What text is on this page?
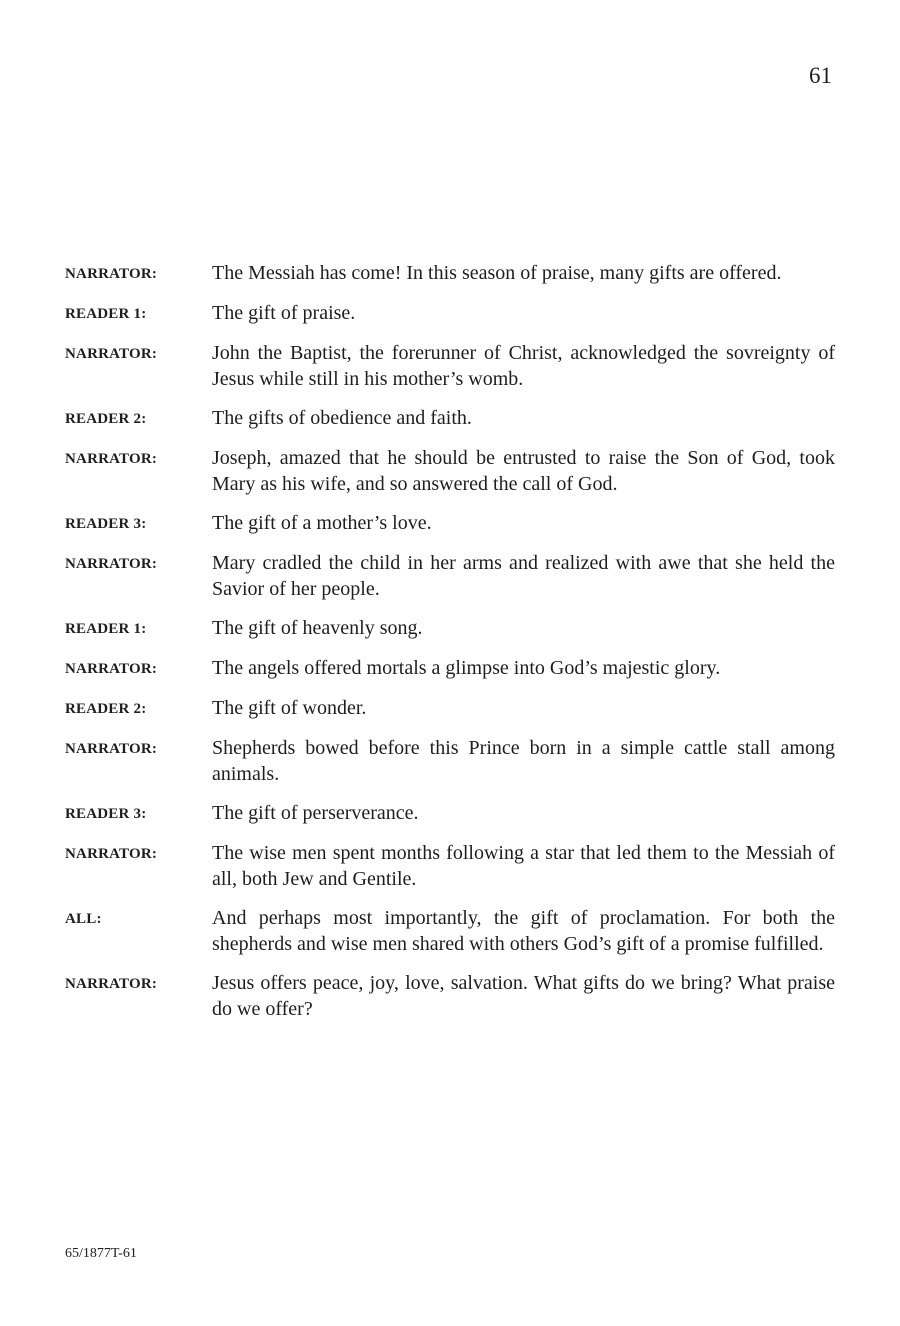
61
NARRATOR:	The Messiah has come! In this season of praise, many gifts are offered.
READER 1:	The gift of praise.
NARRATOR:	John the Baptist, the forerunner of Christ, acknowledged the sovreignty of Jesus while still in his mother’s womb.
READER 2:	The gifts of obedience and faith.
NARRATOR:	Joseph, amazed that he should be entrusted to raise the Son of God, took Mary as his wife, and so answered the call of God.
READER 3:	The gift of a mother’s love.
NARRATOR:	Mary cradled the child in her arms and realized with awe that she held the Savior of her people.
READER 1:	The gift of heavenly song.
NARRATOR:	The angels offered mortals a glimpse into God’s majestic glory.
READER 2:	The gift of wonder.
NARRATOR:	Shepherds bowed before this Prince born in a simple cattle stall among animals.
READER 3:	The gift of perserverance.
NARRATOR:	The wise men spent months following a star that led them to the Messiah of all, both Jew and Gentile.
ALL:	And perhaps most importantly, the gift of proclamation. For both the shepherds and wise men shared with others God’s gift of a promise fulfilled.
NARRATOR:	Jesus offers peace, joy, love, salvation. What gifts do we bring? What praise do we offer?
65/1877T-61
